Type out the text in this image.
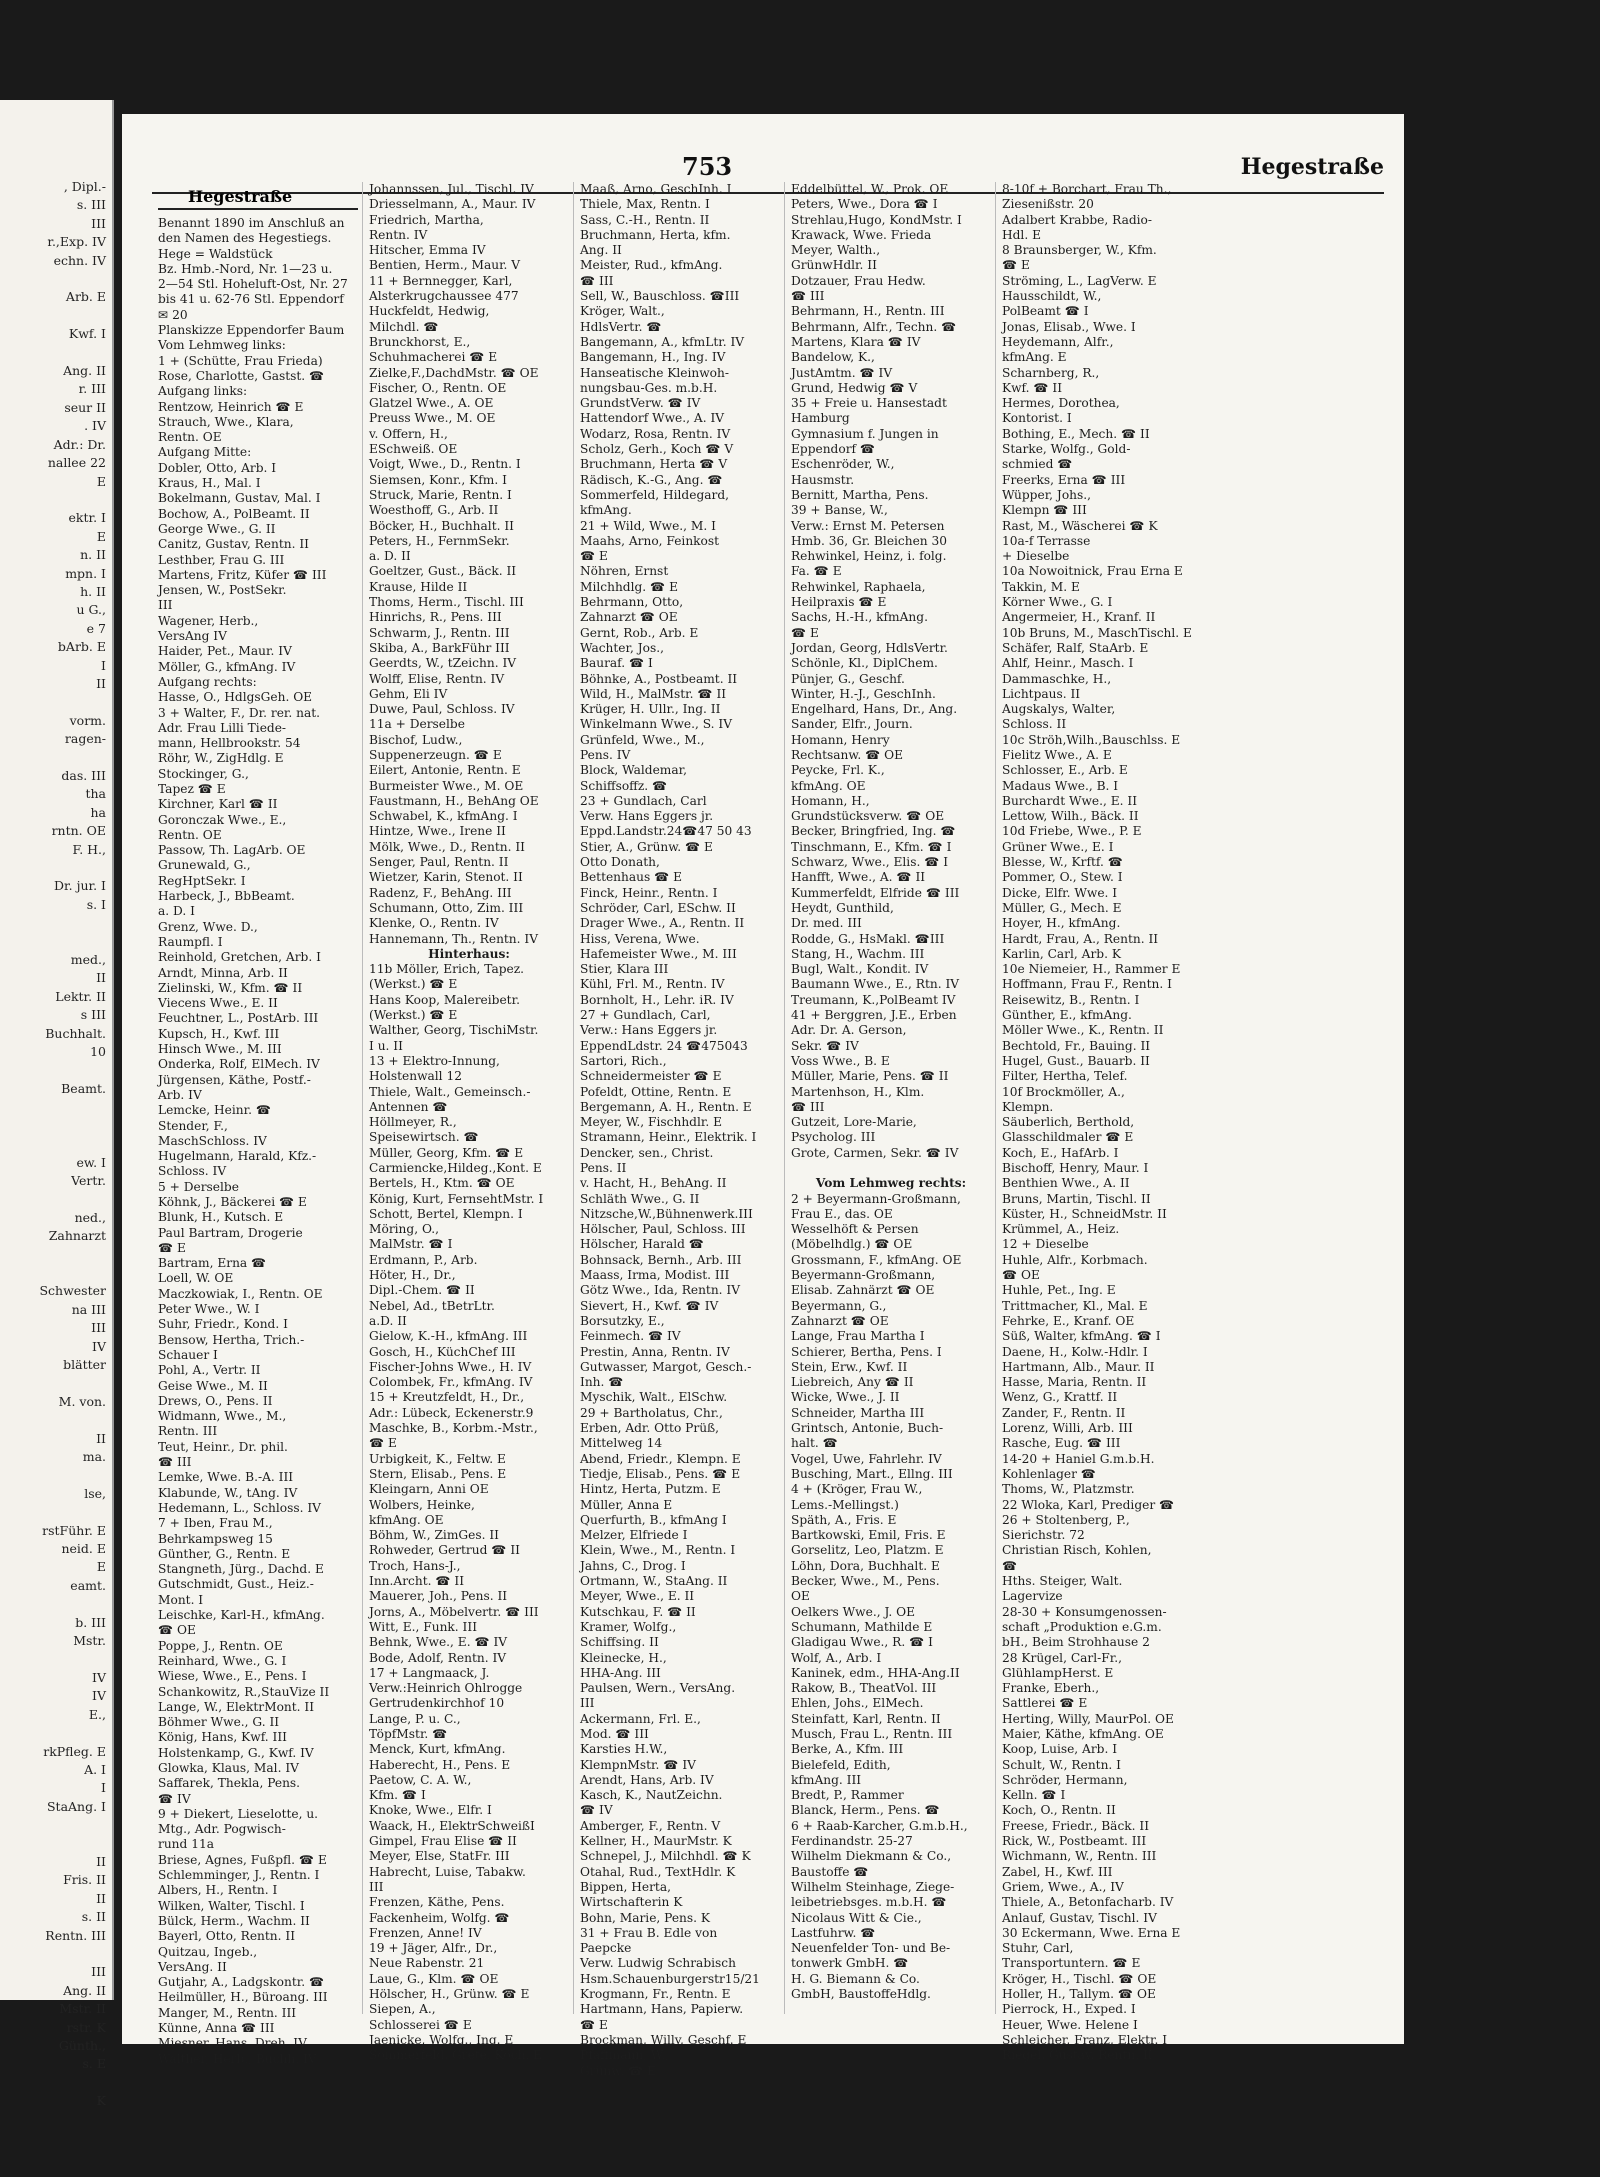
, Dipl.-
s. III
III
r.,Exp. IV
echn. IV

Arb. E

Kwf. I

Ang. II
r. III
seur II
. IV
Adr.: Dr.
nallee 22
E

ektr. I
E
n. II
mpn. I
h. II
u G.,
e 7
bArb. E
I
II

vorm.
ragen-

das. III
tha
ha
rntn. OE
F. H.,

Dr. jur. I
s. I

med.,
II
Lektr. II
s III
Buchhalt.
10

Beamt.

ew. I
Vertr.

ned.,
Zahnarzt

Schwester
na III
III
IV
blätter

M. von.

II
ma.

lse,

rstFühr. E
neid. E
E
eamt.

b. III
Mstr.

IV
IV
E.,

rkPfleg. E
A. I
I
StaAng. I

II
Fris. II
II
s. II
Rentn. III

III
Ang. II
Mstr. II
rstr. K
Günth.,
s. E

K
753	Hegestraße
Hegestraße
Benannt 1890 im Anschluß an
den Namen des Hegestiegs.
Hege = Waldstück
Bz. Hmb.-Nord, Nr. 1—23 u.
2—54 Stl. Hoheluft-Ost, Nr. 27
bis 41 u. 62-76 Stl. Eppendorf
✉ 20
Planskizze Eppendorfer Baum
Vom Lehmweg links:
1 + (Schütte, Frau Frieda)
Rose, Charlotte, Gastst. ☎
Aufgang links:
Rentzow, Heinrich ☎ E
Strauch, Wwe., Klara,
Rentn. OE
Aufgang Mitte:
Dobler, Otto, Arb. I
Kraus, H., Mal. I
Bokelmann, Gustav, Mal. I
Bochow, A., PolBeamt. II
George Wwe., G. II
Canitz, Gustav, Rentn. II
Lesthber, Frau G. III
Martens, Fritz, Küfer ☎ III
Jensen, W., PostSekr.
III
Wagener, Herb.,
VersAng IV
Haider, Pet., Maur. IV
Möller, G., kfmAng. IV
Aufgang rechts:
Hasse, O., HdlgsGeh. OE
3 + Walter, F., Dr. rer. nat.
Adr. Frau Lilli Tiede-
mann, Hellbrookstr. 54
Röhr, W., ZigHdlg. E
Stockinger, G.,
Tapez ☎ E
Kirchner, Karl ☎ II
Goronczak Wwe., E.,
Rentn. OE
Passow, Th. LagArb. OE
Grunewald, G.,
RegHptSekr. I
Harbeck, J., BbBeamt.
a. D. I
Grenz, Wwe. D.,
Raumpfl. I
Reinhold, Gretchen, Arb. I
Arndt, Minna, Arb. II
Zielinski, W., Kfm. ☎ II
Viecens Wwe., E. II
Feuchtner, L., PostArb. III
Kupsch, H., Kwf. III
Hinsch Wwe., M. III
Onderka, Rolf, ElMech. IV
Jürgensen, Käthe, Postf.-
Arb. IV
Lemcke, Heinr. ☎
Stender, F.,
MaschSchloss. IV
Hugelmann, Harald, Kfz.-
Schloss. IV
5 + Derselbe
Köhnk, J., Bäckerei ☎ E
Blunk, H., Kutsch. E
Paul Bartram, Drogerie
☎ E
Bartram, Erna ☎
Loell, W. OE
Maczkowiak, I., Rentn. OE
Peter Wwe., W. I
Suhr, Friedr., Kond. I
Bensow, Hertha, Trich.-
Schauer I
Pohl, A., Vertr. II
Geise Wwe., M. II
Drews, O., Pens. II
Widmann, Wwe., M.,
Rentn. III
Teut, Heinr., Dr. phil.
☎ III
Lemke, Wwe. B.-A. III
Klabunde, W., tAng. IV
Hedemann, L., Schloss. IV
7 + Iben, Frau M.,
Behrkampsweg 15
Günther, G., Rentn. E
Stangneth, Jürg., Dachd. E
Gutschmidt, Gust., Heiz.-
Mont. I
Leischke, Karl-H., kfmAng.
☎ OE
Poppe, J., Rentn. OE
Reinhard, Wwe., G. I
Wiese, Wwe., E., Pens. I
Schankowitz, R.,StauVize II
Lange, W., ElektrMont. II
Böhmer Wwe., G. II
König, Hans, Kwf. III
Holstenkamp, G., Kwf. IV
Glowka, Klaus, Mal. IV
Saffarek, Thekla, Pens.
☎ IV
9 + Diekert, Lieselotte, u.
Mtg., Adr. Pogwisch-
rund 11a
Briese, Agnes, Fußpfl. ☎ E
Schlemminger, J., Rentn. I
Albers, H., Rentn. I
Wilken, Walter, Tischl. I
Bülck, Herm., Wachm. II
Bayerl, Otto, Rentn. II
Quitzau, Ingeb.,
VersAng. II
Gutjahr, A., Ladgskontr. ☎
Heilmüller, H., Büroang. III
Manger, M., Rentn. III
Künne, Anna ☎ III
Miesner, Hans, Dreh. IV
Walther, Herb., Buchh. IV
Johannssen, Jul., Tischl. IV
Driesselmann, A., Maur. IV
Friedrich, Martha,
Rentn. IV
Hitscher, Emma IV
Bentien, Herm., Maur. V
11 + Bernnegger, Karl,
Alsterkrugchaussee 477
Huckfeldt, Hedwig,
Milchdl. ☎
Brunckhorst, E.,
Schuhmacherei ☎ E
Zielke,F.,DachdMstr. ☎ OE
Fischer, O., Rentn. OE
Glatzel Wwe., A. OE
Preuss Wwe., M. OE
v. Offern, H.,
ESchweiß. OE
Voigt, Wwe., D., Rentn. I
Siemsen, Konr., Kfm. I
Struck, Marie, Rentn. I
Woesthoff, G., Arb. II
Böcker, H., Buchhalt. II
Peters, H., FernmSekr.
a. D. II
Goeltzer, Gust., Bäck. II
Krause, Hilde II
Thoms, Herm., Tischl. III
Hinrichs, R., Pens. III
Schwarm, J., Rentn. III
Skiba, A., BarkFühr III
Geerdts, W., tZeichn. IV
Wolff, Elise, Rentn. IV
Gehm, Eli IV
Duwe, Paul, Schloss. IV
11a + Derselbe
Bischof, Ludw.,
Suppenerzeugn. ☎ E
Eilert, Antonie, Rentn. E
Burmeister Wwe., M. OE
Faustmann, H., BehAng OE
Schwabel, K., kfmAng. I
Hintze, Wwe., Irene II
Mölk, Wwe., D., Rentn. II
Senger, Paul, Rentn. II
Wietzer, Karin, Stenot. II
Radenz, F., BehAng. III
Schumann, Otto, Zim. III
Klenke, O., Rentn. IV
Hannemann, Th., Rentn. IV
Hinterhaus:
11b Möller, Erich, Tapez.
(Werkst.) ☎ E
Hans Koop, Malereibetr.
(Werkst.) ☎ E
Walther, Georg, TischiMstr.
I u. II
13 + Elektro-Innung,
Holstenwall 12
Thiele, Walt., Gemeinsch.-
Antennen ☎
Höllmeyer, R.,
Speisewirtsch. ☎
Müller, Georg, Kfm. ☎ E
Carmiencke,Hildeg.,Kont. E
Bertels, H., Ktm. ☎ OE
König, Kurt, FernsehtMstr. I
Schott, Bertel, Klempn. I
Möring, O.,
MalMstr. ☎ I
Erdmann, P., Arb.
Höter, H., Dr.,
Dipl.-Chem. ☎ II
Nebel, Ad., tBetrLtr.
a.D. II
Gielow, K.-H., kfmAng. III
Gosch, H., KüchChef III
Fischer-Johns Wwe., H. IV
Colombek, Fr., kfmAng. IV
15 + Kreutzfeldt, H., Dr.,
Adr.: Lübeck, Eckenerstr.9
Maschke, B., Korbm.-Mstr.,
☎ E
Urbigkeit, K., Feltw. E
Stern, Elisab., Pens. E
Kleingarn, Anni OE
Wolbers, Heinke,
kfmAng. OE
Böhm, W., ZimGes. II
Rohweder, Gertrud ☎ II
Troch, Hans-J.,
Inn.Archt. ☎ II
Mauerer, Joh., Pens. II
Jorns, A., Möbelvertr. ☎ III
Witt, E., Funk. III
Behnk, Wwe., E. ☎ IV
Bode, Adolf, Rentn. IV
17 + Langmaack, J.
Verw.:Heinrich Ohlrogge
Gertrudenkirchhof 10
Lange, P. u. C.,
TöpfMstr. ☎
Menck, Kurt, kfmAng.
Haberecht, H., Pens. E
Paetow, C. A. W.,
Kfm. ☎ I
Knoke, Wwe., Elfr. I
Waack, H., ElektrSchweißI
Gimpel, Frau Elise ☎ II
Meyer, Else, StatFr. III
Habrecht, Luise, Tabakw.
III
Frenzen, Käthe, Pens.
Fackenheim, Wolfg. ☎
Frenzen, Anne! IV
19 + Jäger, Alfr., Dr.,
Neue Rabenstr. 21
Laue, G., Klm. ☎ OE
Hölscher, H., Grünw. ☎ E
Siepen, A.,
Schlosserei ☎ E
Jaenicke, Wolfg., Ing. E
Sommerfeld, Grete, Köch. E
Maaß, Arno, GeschInh. I
Thiele, Max, Rentn. I
Sass, C.-H., Rentn. II
Bruchmann, Herta, kfm.
Ang. II
Meister, Rud., kfmAng.
☎ III
Sell, W., Bauschloss. ☎III
Kröger, Walt.,
HdlsVertr. ☎
Bangemann, A., kfmLtr. IV
Bangemann, H., Ing. IV
Hanseatische Kleinwoh-
nungsbau-Ges. m.b.H.
GrundstVerw. ☎ IV
Hattendorf Wwe., A. IV
Wodarz, Rosa, Rentn. IV
Scholz, Gerh., Koch ☎ V
Bruchmann, Herta ☎ V
Rädisch, K.-G., Ang. ☎
Sommerfeld, Hildegard,
kfmAng.
21 + Wild, Wwe., M. I
Maahs, Arno, Feinkost
☎ E
Nöhren, Ernst
Milchhdlg. ☎ E
Behrmann, Otto,
Zahnarzt ☎ OE
Gernt, Rob., Arb. E
Wachter, Jos.,
Bauraf. ☎ I
Böhnke, A., Postbeamt. II
Wild, H., MalMstr. ☎ II
Krüger, H. Ullr., Ing. II
Winkelmann Wwe., S. IV
Grünfeld, Wwe., M.,
Pens. IV
Block, Waldemar,
Schiffsoffz. ☎
23 + Gundlach, Carl
Verw. Hans Eggers jr.
Eppd.Landstr.24☎47 50 43
Stier, A., Grünw. ☎ E
Otto Donath,
Bettenhaus ☎ E
Finck, Heinr., Rentn. I
Schröder, Carl, ESchw. II
Drager Wwe., A., Rentn. II
Hiss, Verena, Wwe.
Hafemeister Wwe., M. III
Stier, Klara III
Kühl, Frl. M., Rentn. IV
Bornholt, H., Lehr. iR. IV
27 + Gundlach, Carl,
Verw.: Hans Eggers jr.
EppendLdstr. 24 ☎475043
Sartori, Rich.,
Schneidermeister ☎ E
Pofeldt, Ottine, Rentn. E
Bergemann, A. H., Rentn. E
Meyer, W., Fischhdlr. E
Stramann, Heinr., Elektrik. I
Dencker, sen., Christ.
Pens. II
v. Hacht, H., BehAng. II
Schläth Wwe., G. II
Nitzsche,W.,Bühnenwerk.III
Hölscher, Paul, Schloss. III
Hölscher, Harald ☎
Bohnsack, Bernh., Arb. III
Maass, Irma, Modist. III
Götz Wwe., Ida, Rentn. IV
Sievert, H., Kwf. ☎ IV
Borsutzky, E.,
Feinmech. ☎ IV
Prestin, Anna, Rentn. IV
Gutwasser, Margot, Gesch.-
Inh. ☎
Myschik, Walt., ElSchw.
29 + Bartholatus, Chr.,
Erben, Adr. Otto Prüß,
Mittelweg 14
Abend, Friedr., Klempn. E
Tiedje, Elisab., Pens. ☎ E
Hintz, Herta, Putzm. E
Müller, Anna E
Querfurth, B., kfmAng I
Melzer, Elfriede I
Klein, Wwe., M., Rentn. I
Jahns, C., Drog. I
Ortmann, W., StaAng. II
Meyer, Wwe., E. II
Kutschkau, F. ☎ II
Kramer, Wolfg.,
Schiffsing. II
Kleinecke, H.,
HHA-Ang. III
Paulsen, Wern., VersAng.
III
Ackermann, Frl. E.,
Mod. ☎ III
Karsties H.W.,
KlempnMstr. ☎ IV
Arendt, Hans, Arb. IV
Kasch, K., NautZeichn.
☎ IV
Amberger, F., Rentn. V
Kellner, H., MaurMstr. K
Schnepel, J., Milchhdl. ☎ K
Otahal, Rud., TextHdlr. K
Bippen, Herta,
Wirtschafterin K
Bohn, Marie, Pens. K
31 + Frau B. Edle von
Paepcke
Verw. Ludwig Schrabisch
Hsm.Schauenburgerstr15/21
Krogmann, Fr., Rentn. E
Hartmann, Hans, Papierw.
☎ E
Brockman, Willy, Geschf. E
Pfaffmann, W.,
Grünw. ☎ E
Eddelbüttel, W., Prok. OE
Peters, Wwe., Dora ☎ I
Strehlau,Hugo, KondMstr. I
Krawack, Wwe. Frieda
Meyer, Walth.,
GrünwHdlr. II
Dotzauer, Frau Hedw.
☎ III
Behrmann, H., Rentn. III
Behrmann, Alfr., Techn. ☎
Martens, Klara ☎ IV
Bandelow, K.,
JustAmtm. ☎ IV
Grund, Hedwig ☎ V
35 + Freie u. Hansestadt
Hamburg
Gymnasium f. Jungen in
Eppendorf ☎
Eschenröder, W.,
Hausmstr.
Bernitt, Martha, Pens.
39 + Banse, W.,
Verw.: Ernst M. Petersen
Hmb. 36, Gr. Bleichen 30
Rehwinkel, Heinz, i. folg.
Fa. ☎ E
Rehwinkel, Raphaela,
Heilpraxis ☎ E
Sachs, H.-H., kfmAng.
☎ E
Jordan, Georg, HdlsVertr.
Schönle, Kl., DiplChem.
Pünjer, G., Geschf.
Winter, H.-J., GeschInh.
Engelhard, Hans, Dr., Ang.
Sander, Elfr., Journ.
Homann, Henry
Rechtsanw. ☎ OE
Peycke, Frl. K.,
kfmAng. OE
Homann, H.,
Grundstücksverw. ☎ OE
Becker, Bringfried, Ing. ☎
Tinschmann, E., Kfm. ☎ I
Schwarz, Wwe., Elis. ☎ I
Hanfft, Wwe., A. ☎ II
Kummerfeldt, Elfride ☎ III
Heydt, Gunthild,
Dr. med. III
Rodde, G., HsMakl. ☎III
Stang, H., Wachm. III
Bugl, Walt., Kondit. IV
Baumann Wwe., E., Rtn. IV
Treumann, K.,PolBeamt IV
41 + Berggren, J.E., Erben
Adr. Dr. A. Gerson,
Sekr. ☎ IV
Voss Wwe., B. E
Müller, Marie, Pens. ☎ II
Martenhson, H., Klm.
☎ III
Gutzeit, Lore-Marie,
Psycholog. III
Grote, Carmen, Sekr. ☎ IV

Vom Lehmweg rechts:
2 + Beyermann-Großmann,
Frau E., das. OE
Wesselhöft & Persen
(Möbelhdlg.) ☎ OE
Grossmann, F., kfmAng. OE
Beyermann-Großmann,
Elisab. Zahnärzt ☎ OE
Beyermann, G.,
Zahnarzt ☎ OE
Lange, Frau Martha I
Schierer, Bertha, Pens. I
Stein, Erw., Kwf. II
Liebreich, Any ☎ II
Wicke, Wwe., J. II
Schneider, Martha III
Grintsch, Antonie, Buch-
halt. ☎
Vogel, Uwe, Fahrlehr. IV
Busching, Mart., Ellng. III
4 + (Kröger, Frau W.,
Lems.-Mellingst.)
Späth, A., Fris. E
Bartkowski, Emil, Fris. E
Gorselitz, Leo, Platzm. E
Löhn, Dora, Buchhalt. E
Becker, Wwe., M., Pens.
OE
Oelkers Wwe., J. OE
Schumann, Mathilde E
Gladigau Wwe., R. ☎ I
Wolf, A., Arb. I
Kaninek, edm., HHA-Ang.II
Rakow, B., TheatVol. III
Ehlen, Johs., ElMech.
Steinfatt, Karl, Rentn. II
Musch, Frau L., Rentn. III
Berke, A., Kfm. III
Bielefeld, Edith,
kfmAng. III
Bredt, P., Rammer
Blanck, Herm., Pens. ☎
6 + Raab-Karcher, G.m.b.H.,
Ferdinandstr. 25-27
Wilhelm Diekmann & Co.,
Baustoffe ☎
Wilhelm Steinhage, Ziege-
leibetriebsges. m.b.H. ☎
Nicolaus Witt & Cie.,
Lastfuhrw. ☎
Neuenfelder Ton- und Be-
tonwerk GmbH. ☎
H. G. Biemann & Co.
GmbH, BaustoffeHdlg.
8-10f + Borchart, Frau Th.,
Ziesenißstr. 20
Adalbert Krabbe, Radio-
Hdl. E
8 Braunsberger, W., Kfm.
☎ E
Ströming, L., LagVerw. E
Hausschildt, W.,
PolBeamt ☎ I
Jonas, Elisab., Wwe. I
Heydemann, Alfr.,
kfmAng. E
Scharnberg, R.,
Kwf. ☎ II
Hermes, Dorothea,
Kontorist. I
Bothing, E., Mech. ☎ II
Starke, Wolfg., Gold-
schmied ☎
Freerks, Erna ☎ III
Wüpper, Johs.,
Klempn ☎ III
Rast, M., Wäscherei ☎ K
10a-f Terrasse
+ Dieselbe
10a Nowoitnick, Frau Erna E
Takkin, M. E
Körner Wwe., G. I
Angermeier, H., Kranf. II
10b Bruns, M., MaschTischl. E
Schäfer, Ralf, StaArb. E
Ahlf, Heinr., Masch. I
Dammaschke, H.,
Lichtpaus. II
Augskalys, Walter,
Schloss. II
10c Ströh,Wilh.,Bauschlss. E
Fielitz Wwe., A. E
Schlosser, E., Arb. E
Madaus Wwe., B. I
Burchardt Wwe., E. II
Lettow, Wilh., Bäck. II
10d Friebe, Wwe., P. E
Grüner Wwe., E. I
Blesse, W., Krftf. ☎
Pommer, O., Stew. I
Dicke, Elfr. Wwe. I
Müller, G., Mech. E
Hoyer, H., kfmAng.
Hardt, Frau, A., Rentn. II
Karlin, Carl, Arb. K
10e Niemeier, H., Rammer E
Hoffmann, Frau F., Rentn. I
Reisewitz, B., Rentn. I
Günther, E., kfmAng.
Möller Wwe., K., Rentn. II
Bechtold, Fr., Bauing. II
Hugel, Gust., Bauarb. II
Filter, Hertha, Telef.
10f Brockmöller, A.,
Klempn.
Säuberlich, Berthold,
Glasschildmaler ☎ E
Koch, E., HafArb. I
Bischoff, Henry, Maur. I
Benthien Wwe., A. II
Bruns, Martin, Tischl. II
Küster, H., SchneidMstr. II
Krümmel, A., Heiz.
12 + Dieselbe
Huhle, Alfr., Korbmach.
☎ OE
Huhle, Pet., Ing. E
Trittmacher, Kl., Mal. E
Fehrke, E., Kranf. OE
Süß, Walter, kfmAng. ☎ I
Daene, H., Kolw.-Hdlr. I
Hartmann, Alb., Maur. II
Hasse, Maria, Rentn. II
Wenz, G., Krattf. II
Zander, F., Rentn. II
Lorenz, Willi, Arb. III
Rasche, Eug. ☎ III
14-20 + Haniel G.m.b.H.
Kohlenlager ☎
Thoms, W., Platzmstr.
22 Wloka, Karl, Prediger ☎
26 + Stoltenberg, P.,
Sierichstr. 72
Christian Risch, Kohlen,
☎
Hths. Steiger, Walt.
Lagervize
28-30 + Konsumgenossen-
schaft „Produktion e.G.m.
bH., Beim Strohhause 2
28 Krügel, Carl-Fr.,
GlühlampHerst. E
Franke, Eberh.,
Sattlerei ☎ E
Herting, Willy, MaurPol. OE
Maier, Käthe, kfmAng. OE
Koop, Luise, Arb. I
Schult, W., Rentn. I
Schröder, Hermann,
Kelln. ☎ I
Koch, O., Rentn. II
Freese, Friedr., Bäck. II
Rick, W., Postbeamt. III
Wichmann, W., Rentn. III
Zabel, H., Kwf. III
Griem, Wwe., A., IV
Thiele, A., Betonfacharb. IV
Anlauf, Gustav, Tischl. IV
30 Eckermann, Wwe. Erna E
Stuhr, Carl,
Transportuntern. ☎ E
Kröger, H., Tischl. ☎ OE
Holler, H., Tallym. ☎ OE
Pierrock, H., Exped. I
Heuer, Wwe. Helene I
Schleicher, Franz, Elektr. I
Riegel, Gustav, Rentn. II
